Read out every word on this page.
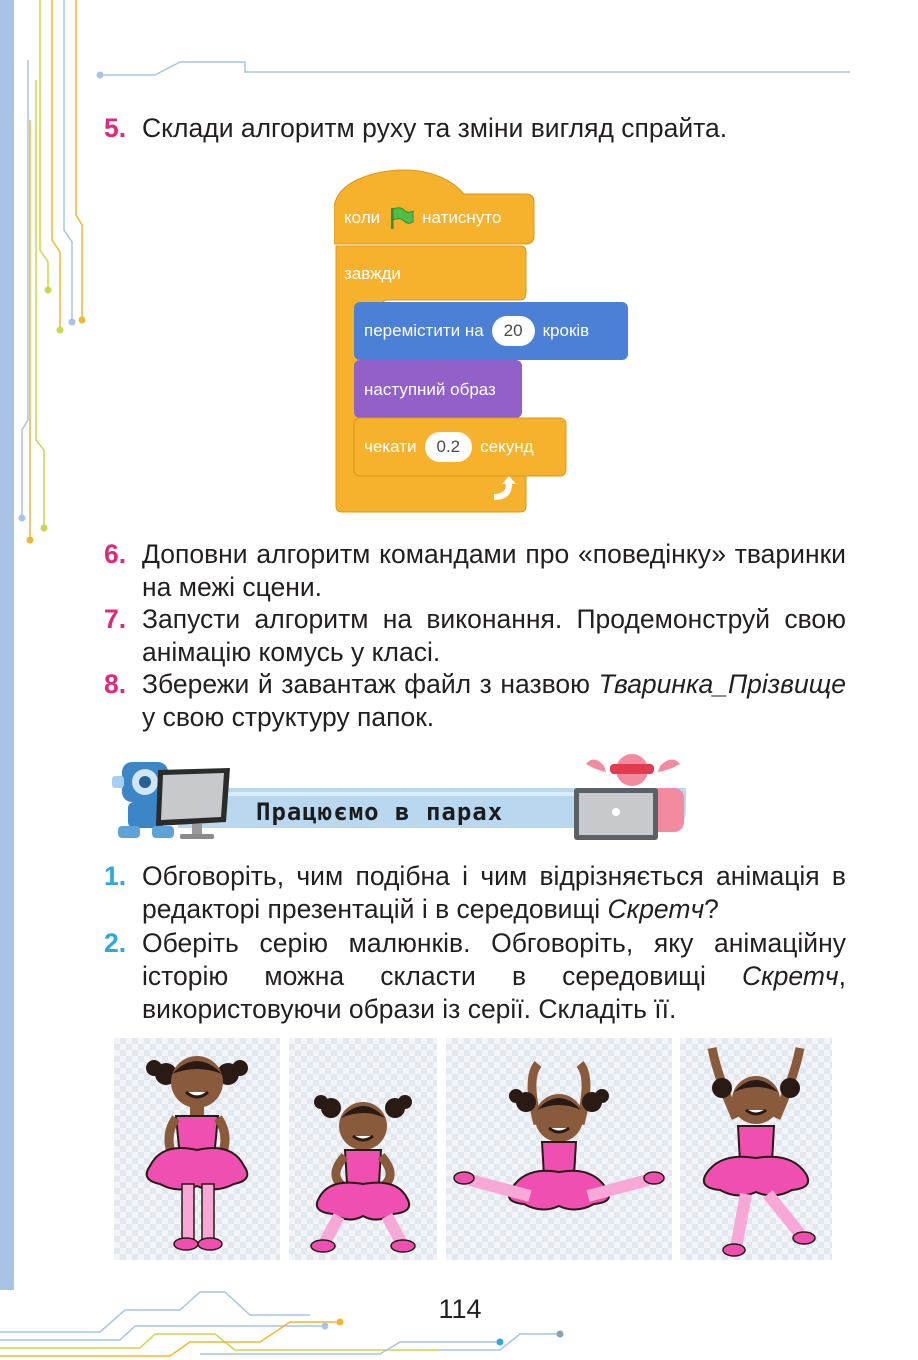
5. Склади алгоритм руху та зміни вигляд спрайта.
коли натиснуто
завжди
перемістити на	20	кроків
наступний образ
чекати	0.2	секунд
6. Доповни алгоритм командами про «поведінку» тваринки на межі сцени.
7. Запусти алгоритм на виконання. Продемонструй свою анімацію комусь у класі.
8. Збережи й завантаж файл з назвою Тваринка_Прізвище у свою структуру папок.
Працюємо в парах
1. Обговоріть, чим подібна і чим відрізняється анімація в редакторі презентацій і в середовищі Скретч?
2. Оберіть серію малюнків. Обговоріть, яку анімаційну історію можна скласти в середовищі Скретч, використовуючи образи із серії. Складіть її.
114
